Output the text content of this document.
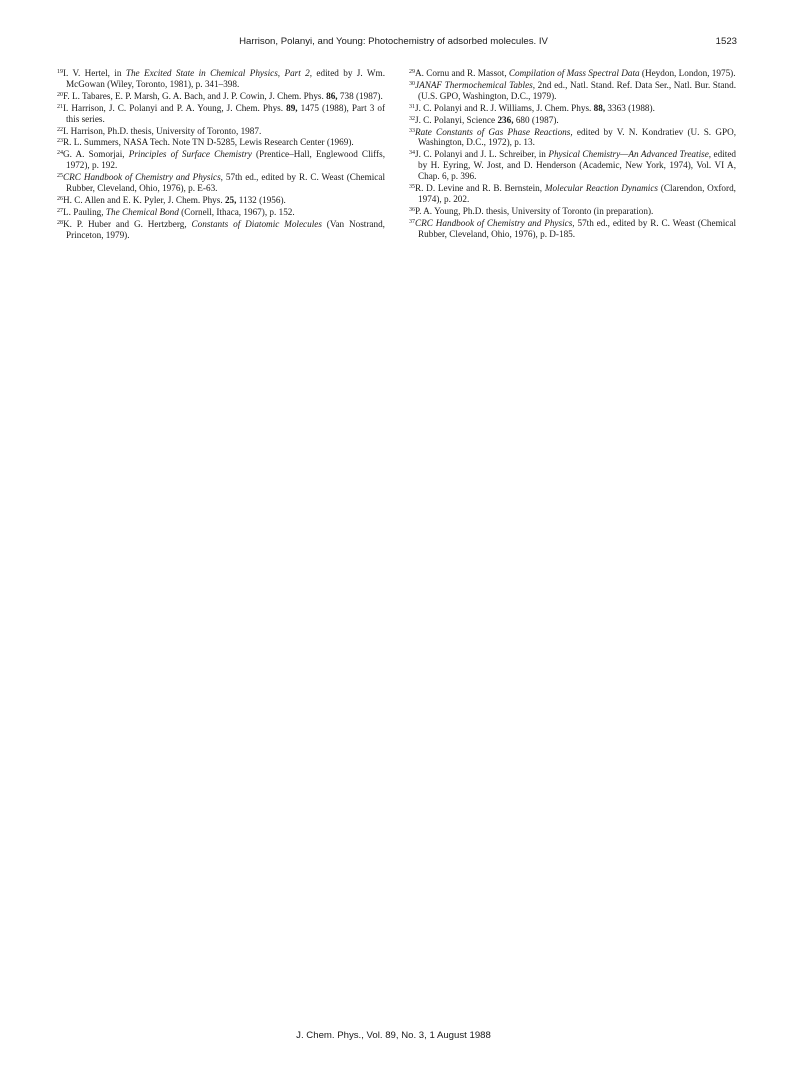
Harrison, Polanyi, and Young: Photochemistry of adsorbed molecules. IV	1523

$^{19}$I. V. Hertel, in The Excited State in Chemical Physics, Part 2, edited by J. Wm. McGowan (Wiley, Toronto, 1981), p. 341–398.

$^{20}$F. L. Tabares, E. P. Marsh, G. A. Bach, and J. P. Cowin, J. Chem. Phys. 86, 738 (1987).

$^{21}$I. Harrison, J. C. Polanyi and P. A. Young, J. Chem. Phys. 89, 1475 (1988), Part 3 of this series.

$^{22}$I. Harrison, Ph.D. thesis, University of Toronto, 1987.

$^{23}$R. L. Summers, NASA Tech. Note TN D-5285, Lewis Research Center (1969).

$^{24}$G. A. Somorjai, Principles of Surface Chemistry (Prentice–Hall, Englewood Cliffs, 1972), p. 192.

$^{25}$CRC Handbook of Chemistry and Physics, 57th ed., edited by R. C. Weast (Chemical Rubber, Cleveland, Ohio, 1976), p. E-63.

$^{26}$H. C. Allen and E. K. Pyler, J. Chem. Phys. 25, 1132 (1956).

$^{27}$L. Pauling, The Chemical Bond (Cornell, Ithaca, 1967), p. 152.

$^{28}$K. P. Huber and G. Hertzberg, Constants of Diatomic Molecules (Van Nostrand, Princeton, 1979).

$^{29}$A. Cornu and R. Massot, Compilation of Mass Spectral Data (Heydon, London, 1975).

$^{30}$JANAF Thermochemical Tables, 2nd ed., Natl. Stand. Ref. Data Ser., Natl. Bur. Stand. (U.S. GPO, Washington, D.C., 1979).

$^{31}$J. C. Polanyi and R. J. Williams, J. Chem. Phys. 88, 3363 (1988).

$^{32}$J. C. Polanyi, Science 236, 680 (1987).

$^{33}$Rate Constants of Gas Phase Reactions, edited by V. N. Kondratiev (U. S. GPO, Washington, D.C., 1972), p. 13.

$^{34}$J. C. Polanyi and J. L. Schreiber, in Physical Chemistry—An Advanced Treatise, edited by H. Eyring, W. Jost, and D. Henderson (Academic, New York, 1974), Vol. VI A, Chap. 6, p. 396.

$^{35}$R. D. Levine and R. B. Bernstein, Molecular Reaction Dynamics (Clarendon, Oxford, 1974), p. 202.

$^{36}$P. A. Young, Ph.D. thesis, University of Toronto (in preparation).

$^{37}$CRC Handbook of Chemistry and Physics, 57th ed., edited by R. C. Weast (Chemical Rubber, Cleveland, Ohio, 1976), p. D-185.

J. Chem. Phys., Vol. 89, No. 3, 1 August 1988
